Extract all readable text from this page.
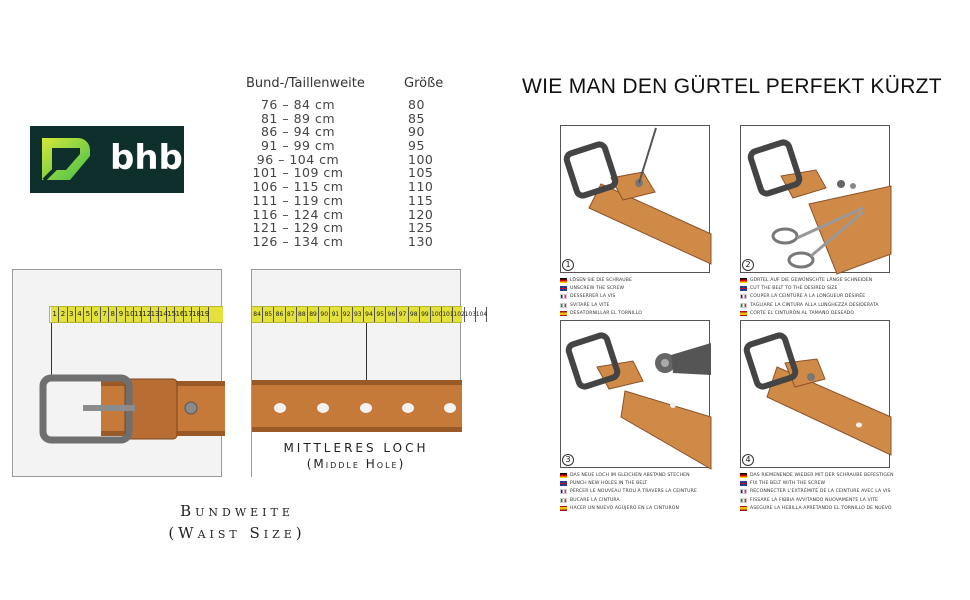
bhb
Bund-/Taillenweite	Größe
76 – 84 cm	80
81 – 89 cm	85
86 – 94 cm	90
91 – 99 cm	95
96 – 104 cm	100
101 – 109 cm	105
106 – 115 cm	110
111 – 119 cm	115
116 – 124 cm	120
121 – 129 cm	125
126 – 134 cm	130
1 2 3 4 5 6 7 8 9 10 11 12 13 14 15 16 17 18 19	84 85 86 87 88 89 90 91 92 93 94 95 96 97 98 99 100 101 102 103 104
MITTLERES LOCH
(Middle Hole)
Bundweite
(Waist Size)
WIE MAN DEN GÜRTEL PERFEKT KÜRZT
1
LÖSEN SIE DIE SCHRAUBE
UNSCREW THE SCREW
DESSERRER LA VIS
SVITARE LA VITE
DESATORNILLAR EL TORNILLO
2
GÜRTEL AUF DIE GEWÜNSCHTE LÄNGE SCHNEIDEN
CUT THE BELT TO THE DESIRED SIZE
COUPER LA CEINTURE À LA LONGUEUR DÉSIRÉE
TAGLIARE LA CINTURA ALLA LUNGHEZZA DESIDERATA
CORTE EL CINTURÓN AL TAMAÑO DESEADO
3
DAS NEUE LOCH IM GLEICHEN ABSTAND STECHEN
PUNCH NEW HOLES IN THE BELT
PERCER LE NOUVEAU TROU À TRAVERS LA CEINTURE
BUCARE LA CINTURA
HACER UN NUEVO AGUJERO EN LA CINTURÓN
4
DAS RIEMENENDE WIEDER MIT DER SCHRAUBE BEFESTIGEN
FIX THE BELT WITH THE SCREW
RECONNECTER L'EXTRÉMITÉ DE LA CEINTURE AVEC LA VIS
FISSARE LA FIBBIA AVVITANDO NUOVAMENTE LA VITE
ASEGURE LA HEBILLA APRETANDO EL TORNILLO DE NUEVO
